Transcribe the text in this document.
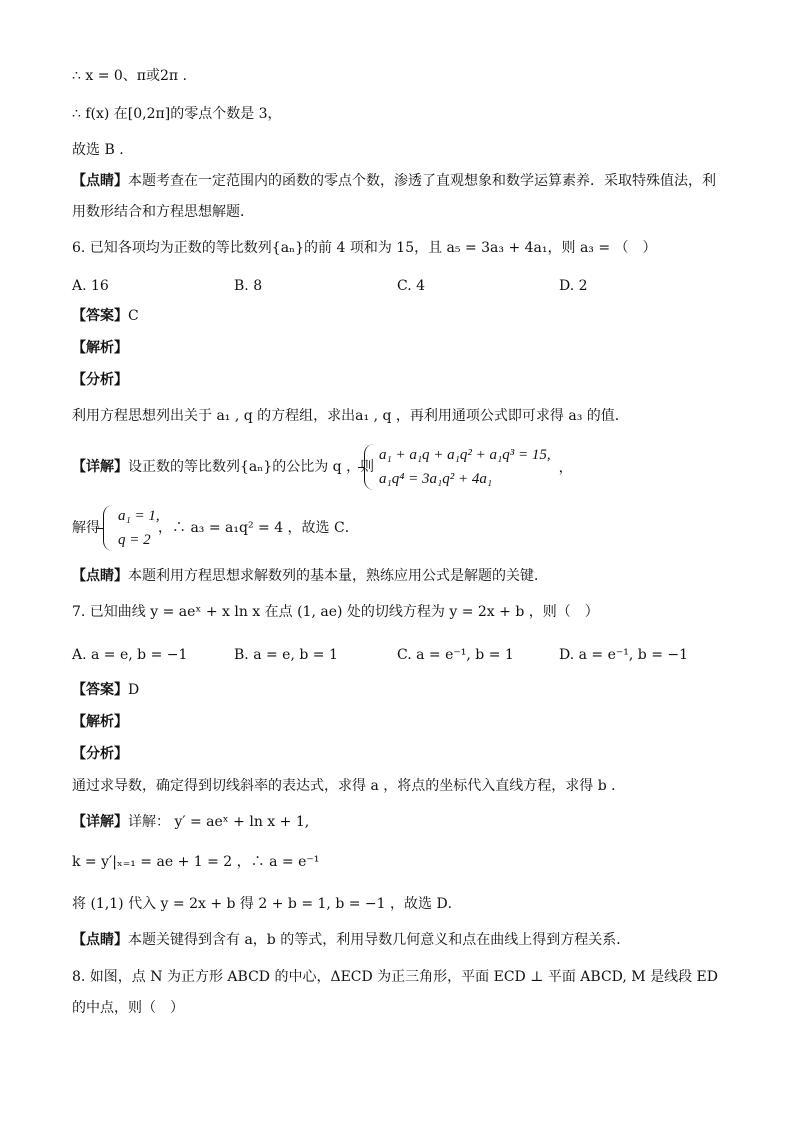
∴ x = 0、π或2π .
∴ f(x) 在[0,2π]的零点个数是 3，
故选 B .
【点睛】本题考查在一定范围内的函数的零点个数，渗透了直观想象和数学运算素养．采取特殊值法，利用数形结合和方程思想解题．
6. 已知各项均为正数的等比数列{aₙ}的前 4 项和为 15，且 a₅ = 3a₃ + 4a₁，则 a₃ = （　）
A. 16	B. 8	C. 4	D. 2
【答案】C
【解析】
【分析】
利用方程思想列出关于 a₁ , q 的方程组，求出a₁ , q ，再利用通项公式即可求得 a₃ 的值．
【详解】设正数的等比数列{aₙ}的公比为 q ，则
a₁ + a₁q + a₁q² + a₁q³ = 15,
a₁q⁴ = 3a₁q² + 4a₁
，
解得
a₁ = 1,
q = 2
，∴ a₃ = a₁q² = 4 ，故选 C．
【点睛】本题利用方程思想求解数列的基本量，熟练应用公式是解题的关键．
7. 已知曲线 y = aeˣ + x ln x 在点 (1, ae) 处的切线方程为 y = 2x + b ，则（　）
A. a = e, b = −1	B. a = e, b = 1	C. a = e⁻¹, b = 1	D. a = e⁻¹, b = −1
【答案】D
【解析】
【分析】
通过求导数，确定得到切线斜率的表达式，求得 a ，将点的坐标代入直线方程，求得 b ．
【详解】详解： y′ = aeˣ + ln x + 1,
k = y′|ₓ₌₁ = ae + 1 = 2 ，∴ a = e⁻¹
将 (1,1) 代入 y = 2x + b 得 2 + b = 1, b = −1 ，故选 D．
【点睛】本题关键得到含有 a，b 的等式，利用导数几何意义和点在曲线上得到方程关系．
8. 如图，点 N 为正方形 ABCD 的中心，ΔECD 为正三角形，平面 ECD ⊥ 平面 ABCD, M 是线段 ED 的中点，则（　）
